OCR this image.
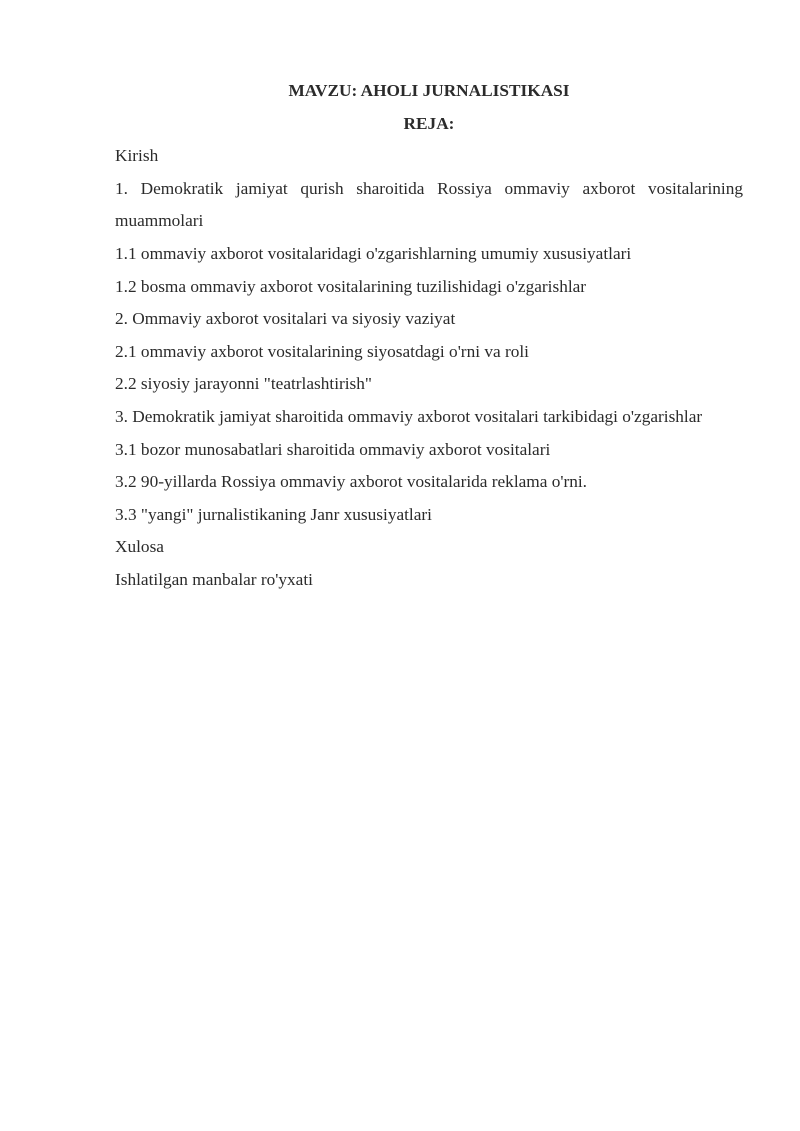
MAVZU: AHOLI JURNALISTIKASI

REJA:

Kirish

1. Demokratik jamiyat qurish sharoitida Rossiya ommaviy axborot vositalarining muammolari

1.1 ommaviy axborot vositalaridagi o'zgarishlarning umumiy xususiyatlari

1.2 bosma ommaviy axborot vositalarining tuzilishidagi o'zgarishlar

2. Ommaviy axborot vositalari va siyosiy vaziyat

2.1 ommaviy axborot vositalarining siyosatdagi o'rni va roli

2.2 siyosiy jarayonni "teatrlashtirish"

3. Demokratik jamiyat sharoitida ommaviy axborot vositalari tarkibidagi o'zgarishlar

3.1 bozor munosabatlari sharoitida ommaviy axborot vositalari

3.2 90-yillarda Rossiya ommaviy axborot vositalarida reklama o'rni.

3.3 "yangi" jurnalistikaning Janr xususiyatlari

Xulosa

Ishlatilgan manbalar ro'yxati
